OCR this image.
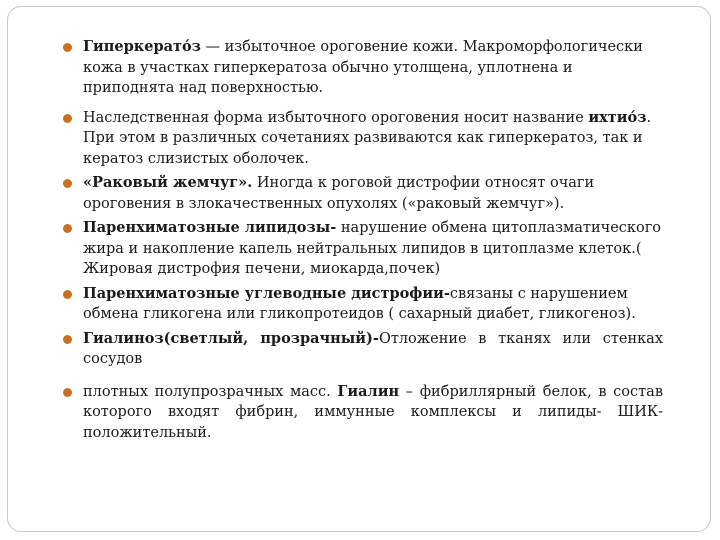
Гиперкерато́з — избыточное ороговение кожи. Макроморфологически кожа в участках гиперкератоза обычно утолщена, уплотнена и приподнята над поверхностью.
Наследственная форма избыточного ороговения носит название ихтио́з. При этом в различных сочетаниях развиваются как гиперкератоз, так и кератоз слизистых оболочек.
«Раковый жемчуг». Иногда к роговой дистрофии относят очаги ороговения в злокачественных опухолях («раковый жемчуг»).
Паренхиматозные липидозы- нарушение обмена цитоплазматического жира и накопление капель нейтральных липидов в цитоплазме клеток.( Жировая дистрофия печени, миокарда,почек)
Паренхиматозные углеводные дистрофии-связаны с нарушением обмена гликогена или гликопротеидов ( сахарный диабет, гликогеноз).
Гиалиноз(светлый, прозрачный)-Отложение в тканях или стенках
сосудов
плотных полупрозрачных масс. Гиалин – фибриллярный белок, в состав которого входят фибрин, иммунные комплексы и липиды- ШИК-положительный.
